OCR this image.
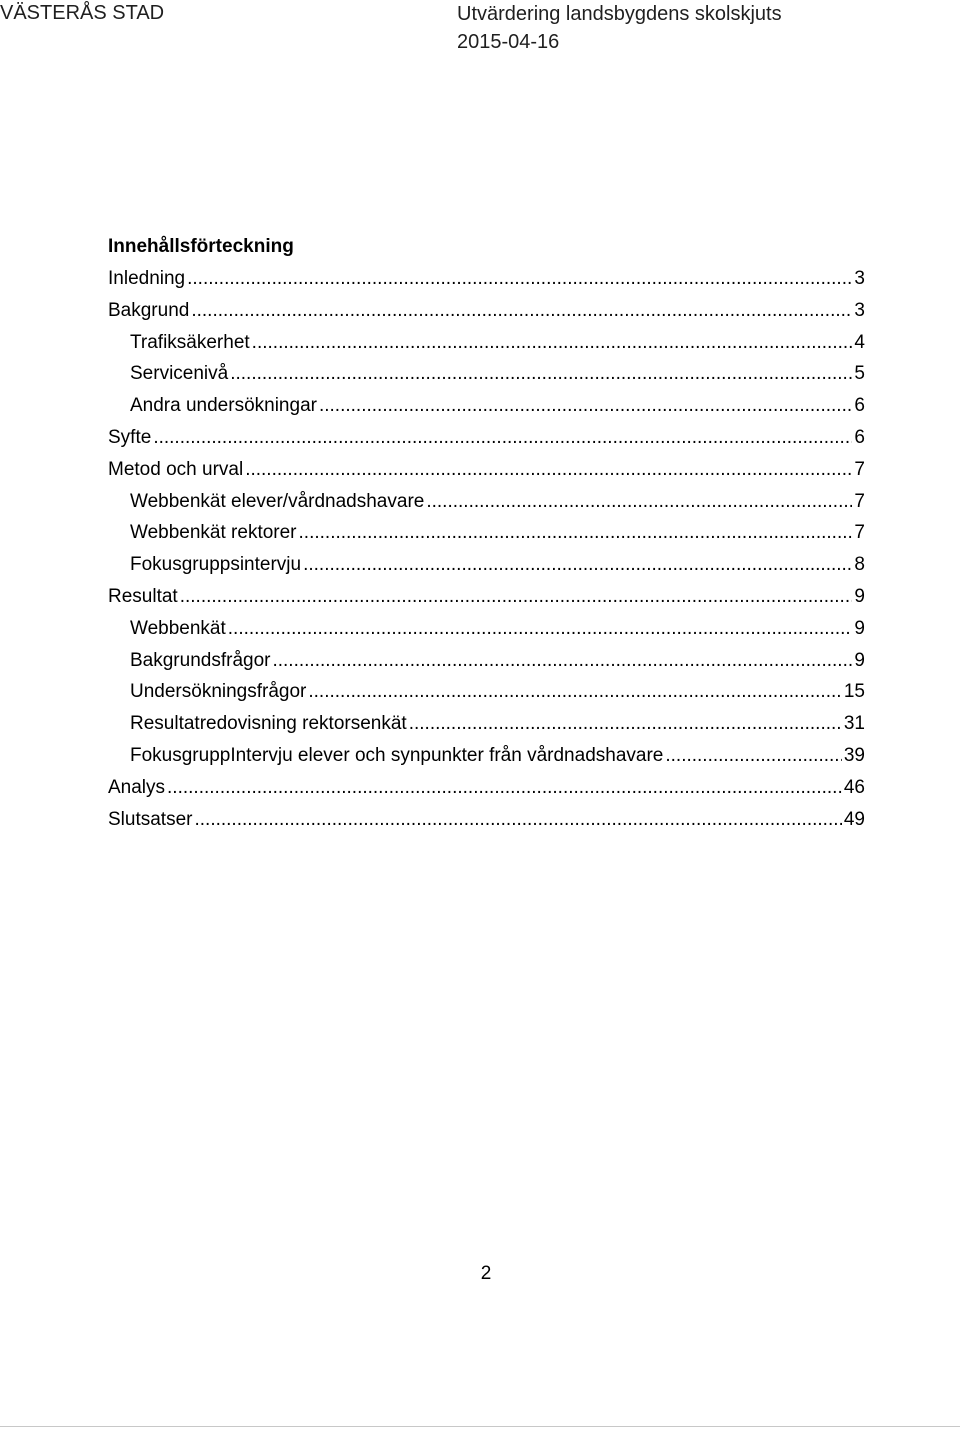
VÄSTERÅS STAD	Utvärdering landsbygdens skolskjuts
2015-04-16
Innehållsförteckning
Inledning .....	3
Bakgrund .....	3
Trafiksäkerhet .....	4
Servicenivå .....	5
Andra undersökningar .....	6
Syfte .....	6
Metod och urval .....	7
Webbenkät elever/vårdnadshavare .....	7
Webbenkät rektorer .....	7
Fokusgruppsintervju .....	8
Resultat .....	9
Webbenkät .....	9
Bakgrundsfrågor .....	9
Undersökningsfrågor .....	15
Resultatredovisning rektorsenkät .....	31
FokusgruppIntervju elever och synpunkter från vårdnadshavare .....	39
Analys .....	46
Slutsatser .....	49
2
